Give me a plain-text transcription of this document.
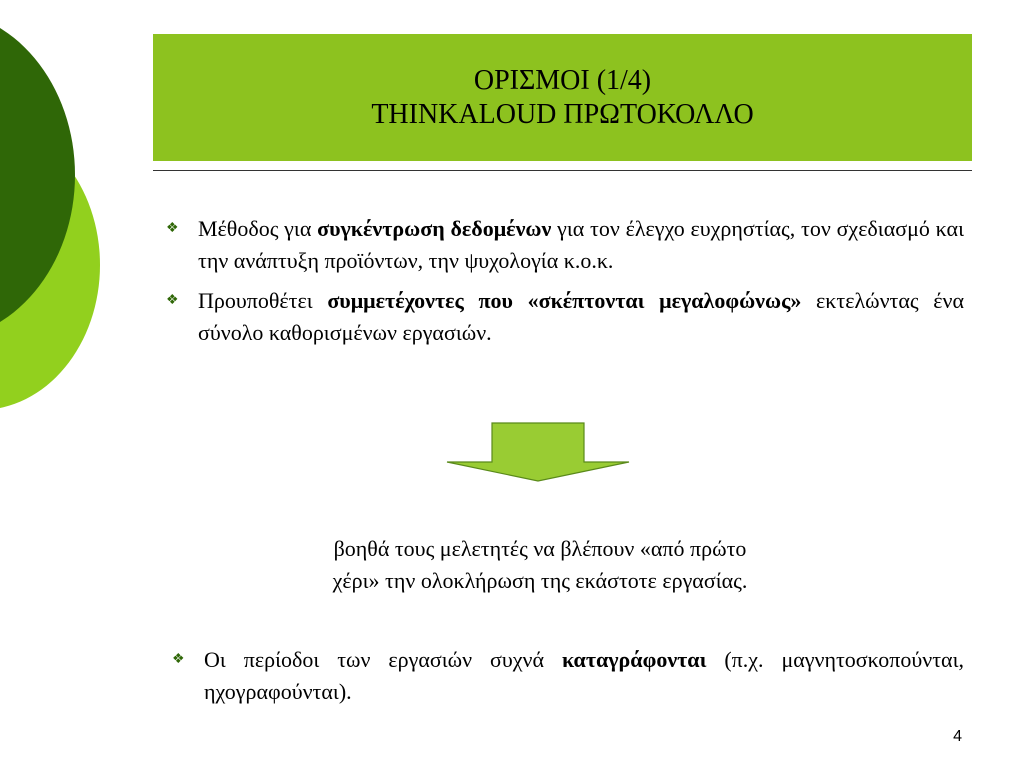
ΟΡΙΣΜΟΙ (1/4)
THINKALOUD ΠΡΩΤΟΚΟΛΛΟ
❖ Μέθοδος για συγκέντρωση δεδομένων για τον έλεγχο ευχρηστίας, τον σχεδιασμό και την ανάπτυξη προϊόντων, την ψυχολογία κ.ο.κ.
❖ Προυποθέτει συμμετέχοντες που «σκέπτονται μεγαλοφώνως» εκτελώντας ένα σύνολο καθορισμένων εργασιών.
βοηθά τους μελετητές να βλέπουν «από πρώτο
χέρι» την ολοκλήρωση της εκάστοτε εργασίας.
❖ Οι περίοδοι των εργασιών συχνά καταγράφονται (π.χ. μαγνητοσκοπούνται, ηχογραφούνται).
4
